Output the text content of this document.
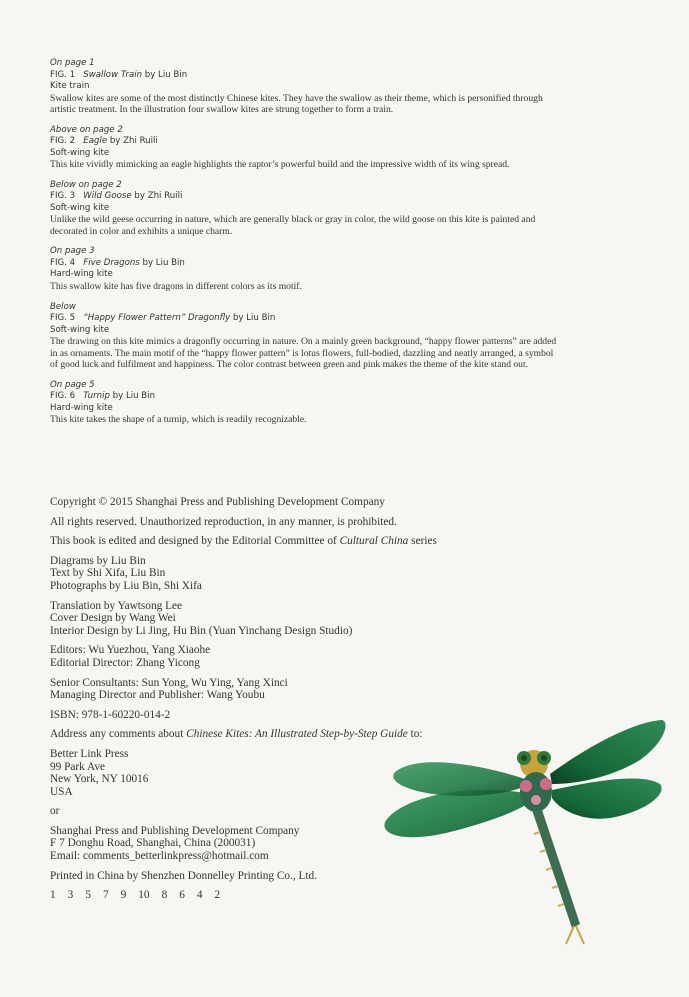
On page 1
FIG. 1 Swallow Train by Liu Bin
Kite train
Swallow kites are some of the most distinctly Chinese kites. They have the swallow as their theme, which is personified through
artistic treatment. In the illustration four swallow kites are strung together to form a train.
Above on page 2
FIG. 2 Eagle by Zhi Ruili
Soft-wing kite
This kite vividly mimicking an eagle highlights the raptor’s powerful build and the impressive width of its wing spread.
Below on page 2
FIG. 3 Wild Goose by Zhi Ruili
Soft-wing kite
Unlike the wild geese occurring in nature, which are generally black or gray in color, the wild goose on this kite is painted and
decorated in color and exhibits a unique charm.
On page 3
FIG. 4 Five Dragons by Liu Bin
Hard-wing kite
This swallow kite has five dragons in different colors as its motif.
Below
FIG. 5 “Happy Flower Pattern” Dragonfly by Liu Bin
Soft-wing kite
The drawing on this kite mimics a dragonfly occurring in nature. On a mainly green background, “happy flower patterns” are added
in as ornaments. The main motif of the “happy flower pattern” is lotus flowers, full-bodied, dazzling and neatly arranged, a symbol
of good luck and fulfilment and happiness. The color contrast between green and pink makes the theme of the kite stand out.
On page 5
FIG. 6 Turnip by Liu Bin
Hard-wing kite
This kite takes the shape of a turnip, which is readily recognizable.
Copyright © 2015 Shanghai Press and Publishing Development Company
All rights reserved. Unauthorized reproduction, in any manner, is prohibited.
This book is edited and designed by the Editorial Committee of Cultural China series
Diagrams by Liu Bin
Text by Shi Xifa, Liu Bin
Photographs by Liu Bin, Shi Xifa
Translation by Yawtsong Lee
Cover Design by Wang Wei
Interior Design by Li Jing, Hu Bin (Yuan Yinchang Design Studio)
Editors: Wu Yuezhou, Yang Xiaohe
Editorial Director: Zhang Yicong
Senior Consultants: Sun Yong, Wu Ying, Yang Xinci
Managing Director and Publisher: Wang Youbu
ISBN: 978-1-60220-014-2
Address any comments about Chinese Kites: An Illustrated Step-by-Step Guide to:
Better Link Press
99 Park Ave
New York, NY 10016
USA
or
Shanghai Press and Publishing Development Company
F 7 Donghu Road, Shanghai, China (200031)
Email: comments_betterlinkpress@hotmail.com
Printed in China by Shenzhen Donnelley Printing Co., Ltd.
1 3 5 7 9 10 8 6 4 2
